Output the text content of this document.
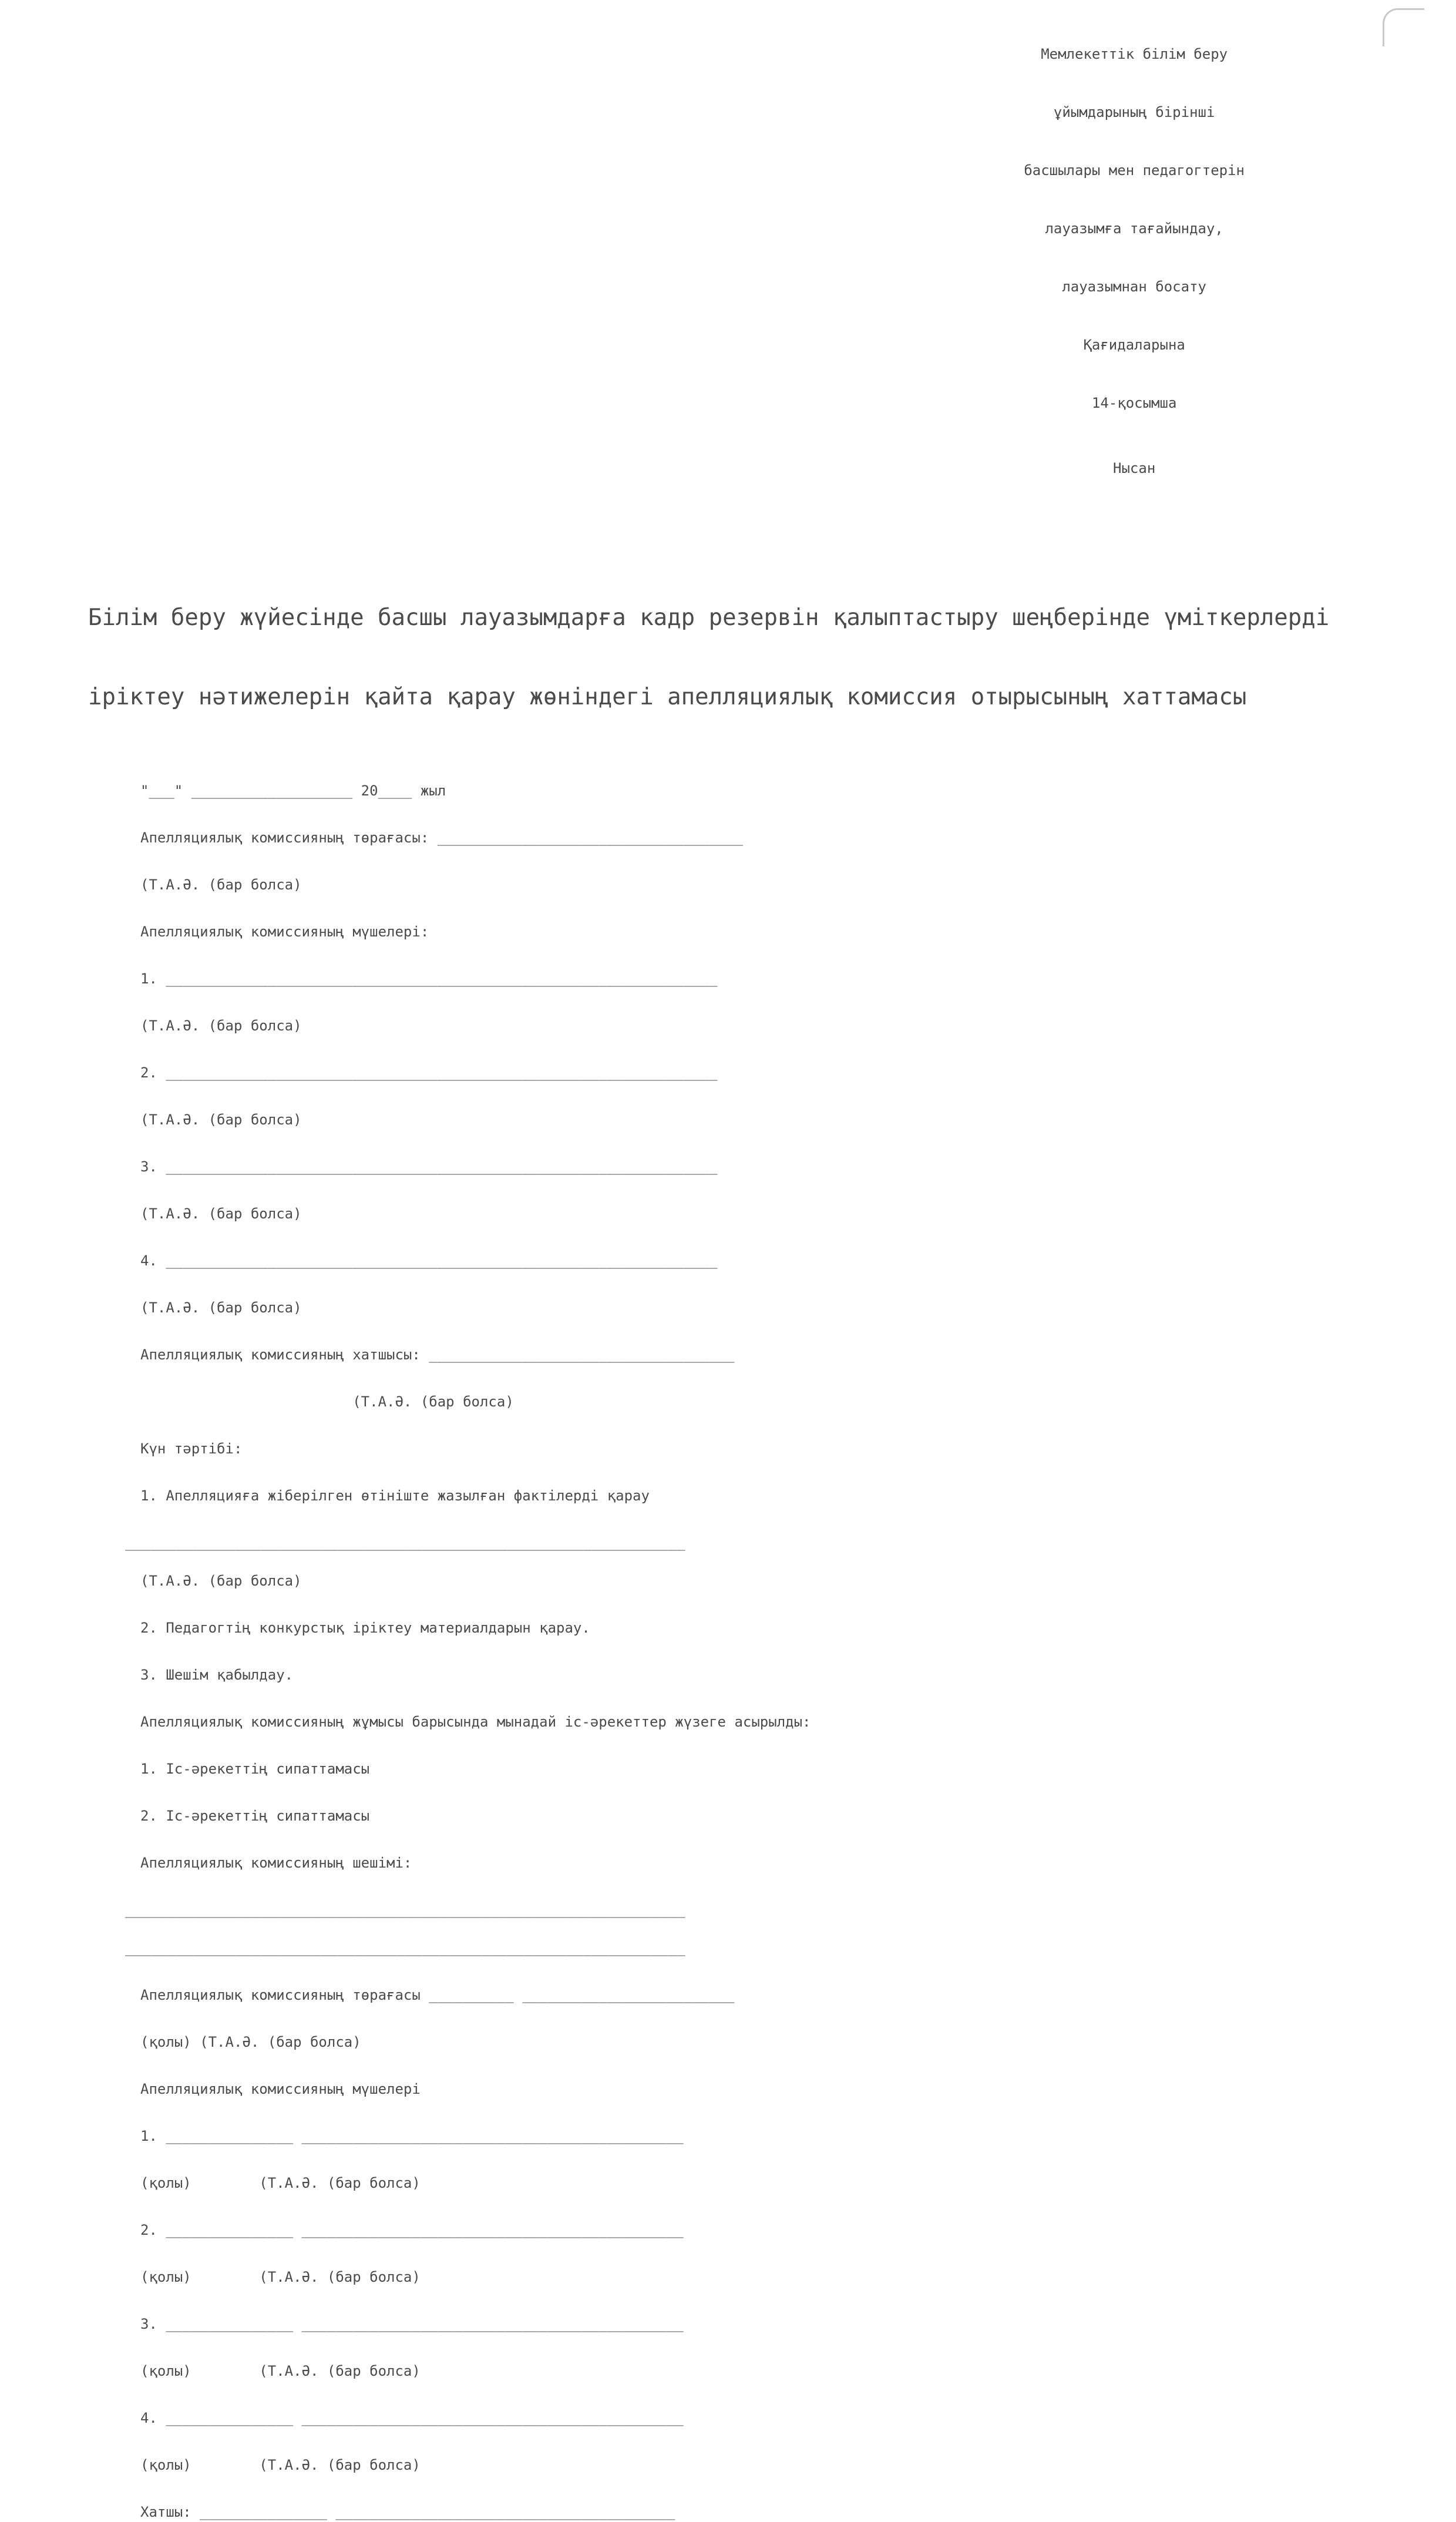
Мемлекеттік білім беру

ұйымдарының бірінші

басшылары мен педагогтерін

лауазымға тағайындау,

лауазымнан босату

Қағидаларына

14-қосымша

Нысан

Білім беру жүйесінде басшы лауазымдарға кадр резервін қалыптастыру шеңберінде үміткерлерді

іріктеу нәтижелерін қайта қарау жөніндегі апелляциялық комиссия отырысының хаттамасы

"___" ___________________ 20____ жыл

Апелляциялық комиссияның төрағасы: ____________________________________

(Т.А.Ә. (бар болса)

Апелляциялық комиссияның мүшелері:

1. _________________________________________________________________

(Т.А.Ә. (бар болса)

2. _________________________________________________________________

(Т.А.Ә. (бар болса)

3. _________________________________________________________________

(Т.А.Ә. (бар болса)

4. _________________________________________________________________

(Т.А.Ә. (бар болса)

Апелляциялық комиссияның хатшысы: ____________________________________

(Т.А.Ә. (бар болса)

Күн тәртібі:

1. Апелляцияға жіберілген өтініште жазылған фактілерді қарау

__________________________________________________________________

(Т.А.Ә. (бар болса)

2. Педагогтің конкурстық іріктеу материалдарын қарау.

3. Шешім қабылдау.

Апелляциялық комиссияның жұмысы барысында мынадай іс-әрекеттер жүзеге асырылды:

1. Іс-әрекеттің сипаттамасы

2. Іс-әрекеттің сипаттамасы

Апелляциялық комиссияның шешімі:

__________________________________________________________________

__________________________________________________________________

Апелляциялық комиссияның төрағасы __________ _________________________

(қолы) (Т.А.Ә. (бар болса)

Апелляциялық комиссияның мүшелері

1. _______________ _____________________________________________

(қолы)        (Т.А.Ә. (бар болса)

2. _______________ _____________________________________________

(қолы)        (Т.А.Ә. (бар болса)

3. _______________ _____________________________________________

(қолы)        (Т.А.Ә. (бар болса)

4. _______________ _____________________________________________

(қолы)        (Т.А.Ә. (бар болса)

Хатшы: _______________ ________________________________________
